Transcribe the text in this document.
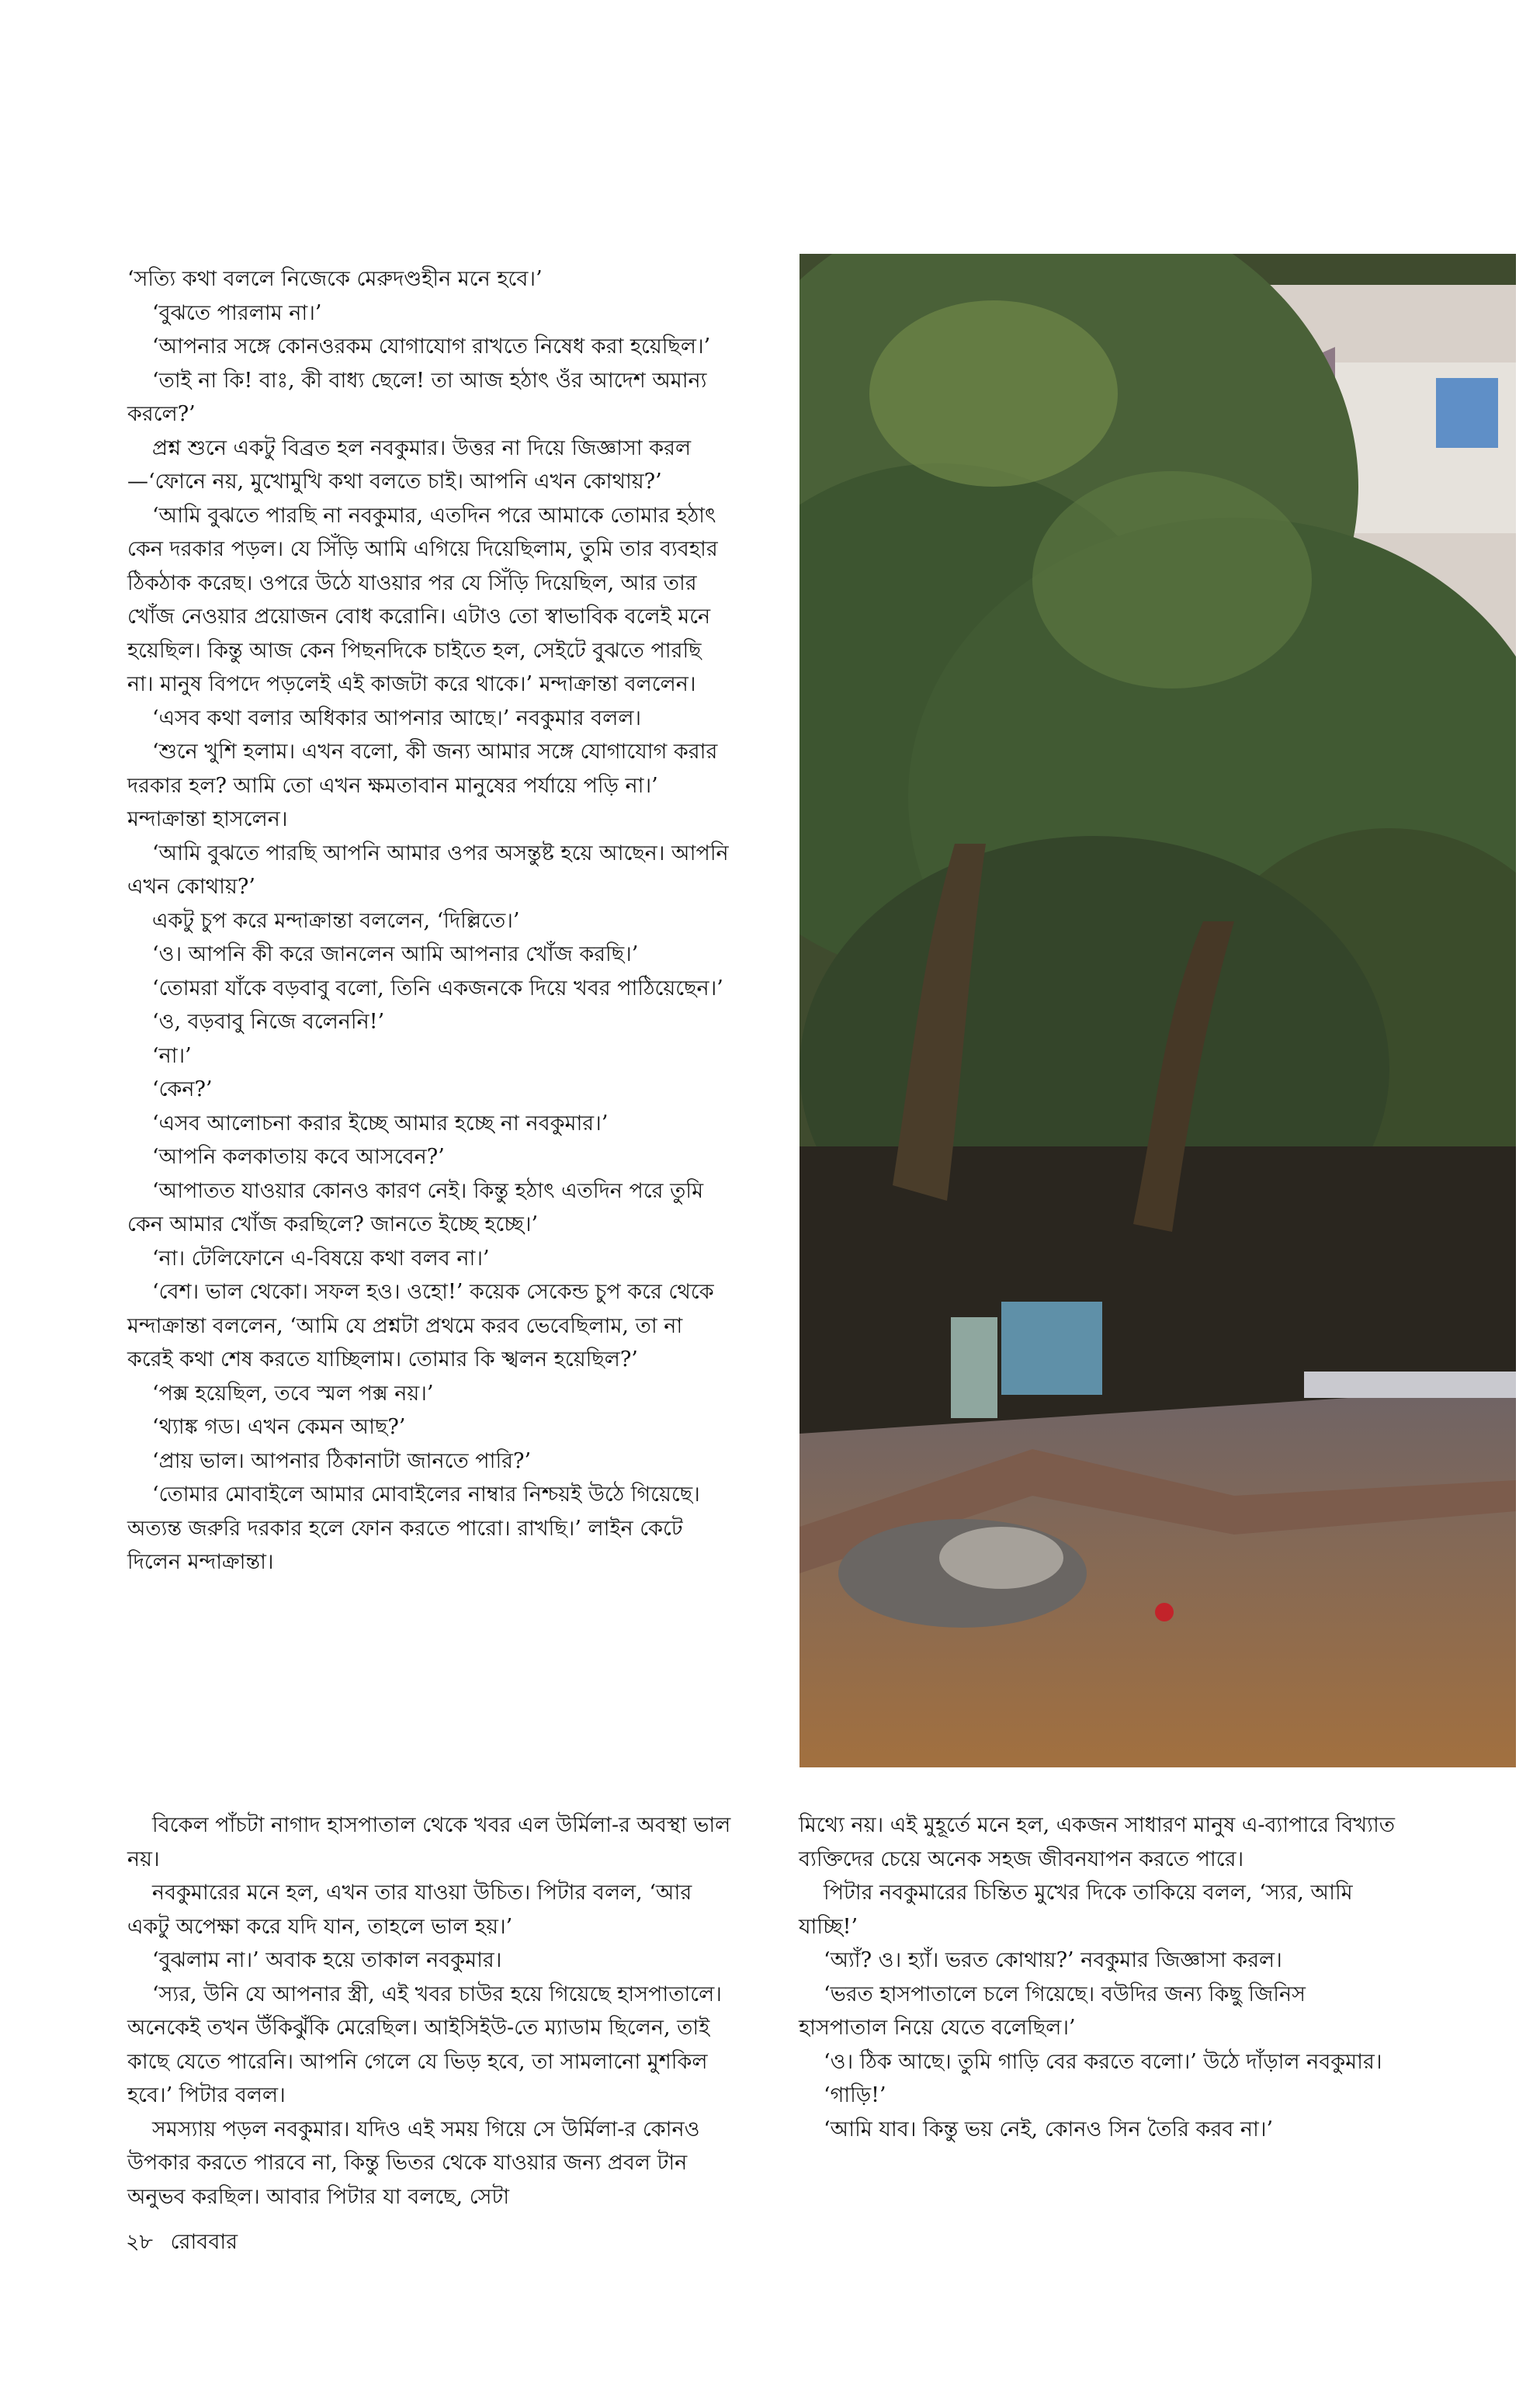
‘সত্যি কথা বললে নিজেকে মেরুদণ্ডহীন মনে হবে।’

‘বুঝতে পারলাম না।’

‘আপনার সঙ্গে কোনওরকম যোগাযোগ রাখতে নিষেধ করা হয়েছিল।’

‘তাই না কি! বাঃ, কী বাধ্য ছেলে! তা আজ হঠাৎ ওঁর আদেশ অমান্য করলে?’

প্রশ্ন শুনে একটু বিব্রত হল নবকুমার। উত্তর না দিয়ে জিজ্ঞাসা করল—‘ফোনে নয়, মুখোমুখি কথা বলতে চাই। আপনি এখন কোথায়?’

‘আমি বুঝতে পারছি না নবকুমার, এতদিন পরে আমাকে তোমার হঠাৎ কেন দরকার পড়ল। যে সিঁড়ি আমি এগিয়ে দিয়েছিলাম, তুমি তার ব্যবহার ঠিকঠাক করেছ। ওপরে উঠে যাওয়ার পর যে সিঁড়ি দিয়েছিল, আর তার খোঁজ নেওয়ার প্রয়োজন বোধ করোনি। এটাও তো স্বাভাবিক বলেই মনে হয়েছিল। কিন্তু আজ কেন পিছনদিকে চাইতে হল, সেইটে বুঝতে পারছি না। মানুষ বিপদে পড়লেই এই কাজটা করে থাকে।’ মন্দাক্রান্তা বললেন।

‘এসব কথা বলার অধিকার আপনার আছে।’ নবকুমার বলল।

‘শুনে খুশি হলাম। এখন বলো, কী জন্য আমার সঙ্গে যোগাযোগ করার দরকার হল? আমি তো এখন ক্ষমতাবান মানুষের পর্যায়ে পড়ি না।’ মন্দাক্রান্তা হাসলেন।

‘আমি বুঝতে পারছি আপনি আমার ওপর অসন্তুষ্ট হয়ে আছেন। আপনি এখন কোথায়?’

একটু চুপ করে মন্দাক্রান্তা বললেন, ‘দিল্লিতে।’

‘ও। আপনি কী করে জানলেন আমি আপনার খোঁজ করছি।’

‘তোমরা যাঁকে বড়বাবু বলো, তিনি একজনকে দিয়ে খবর পাঠিয়েছেন।’

‘ও, বড়বাবু নিজে বলেননি!’

‘না।’

‘কেন?’

‘এসব আলোচনা করার ইচ্ছে আমার হচ্ছে না নবকুমার।’

‘আপনি কলকাতায় কবে আসবেন?’

‘আপাতত যাওয়ার কোনও কারণ নেই। কিন্তু হঠাৎ এতদিন পরে তুমি কেন আমার খোঁজ করছিলে? জানতে ইচ্ছে হচ্ছে।’

‘না। টেলিফোনে এ-বিষয়ে কথা বলব না।’

‘বেশ। ভাল থেকো। সফল হও। ওহো!’ কয়েক সেকেন্ড চুপ করে থেকে মন্দাক্রান্তা বললেন, ‘আমি যে প্রশ্নটা প্রথমে করব ভেবেছিলাম, তা না করেই কথা শেষ করতে যাচ্ছিলাম। তোমার কি স্খলন হয়েছিল?’

‘পক্স হয়েছিল, তবে স্মল পক্স নয়।’

‘থ্যাঙ্ক গড। এখন কেমন আছ?’

‘প্রায় ভাল। আপনার ঠিকানাটা জানতে পারি?’

‘তোমার মোবাইলে আমার মোবাইলের নাম্বার নিশ্চয়ই উঠে গিয়েছে। অত্যন্ত জরুরি দরকার হলে ফোন করতে পারো। রাখছি।’ লাইন কেটে দিলেন মন্দাক্রান্তা।

বিকেল পাঁচটা নাগাদ হাসপাতাল থেকে খবর এল উর্মিলা-র অবস্থা ভাল নয়।

নবকুমারের মনে হল, এখন তার যাওয়া উচিত। পিটার বলল, ‘আর একটু অপেক্ষা করে যদি যান, তাহলে ভাল হয়।’

‘বুঝলাম না।’ অবাক হয়ে তাকাল নবকুমার।

‘স্যর, উনি যে আপনার স্ত্রী, এই খবর চাউর হয়ে গিয়েছে হাসপাতালে। অনেকেই তখন উঁকিঝুঁকি মেরেছিল। আইসিইউ-তে ম্যাডাম ছিলেন, তাই কাছে যেতে পারেনি। আপনি গেলে যে ভিড় হবে, তা সামলানো মুশকিল হবে।’ পিটার বলল।

সমস্যায় পড়ল নবকুমার। যদিও এই সময় গিয়ে সে উর্মিলা-র কোনও উপকার করতে পারবে না, কিন্তু ভিতর থেকে যাওয়ার জন্য প্রবল টান অনুভব করছিল। আবার পিটার যা বলছে, সেটা

মিথ্যে নয়। এই মুহূর্তে মনে হল, একজন সাধারণ মানুষ এ-ব্যাপারে বিখ্যাত ব্যক্তিদের চেয়ে অনেক সহজ জীবনযাপন করতে পারে।

পিটার নবকুমারের চিন্তিত মুখের দিকে তাকিয়ে বলল, ‘স্যর, আমি যাচ্ছি!’

‘অ্যাঁ? ও। হ্যাঁ। ভরত কোথায়?’ নবকুমার জিজ্ঞাসা করল।

‘ভরত হাসপাতালে চলে গিয়েছে। বউদির জন্য কিছু জিনিস হাসপাতাল নিয়ে যেতে বলেছিল।’

‘ও। ঠিক আছে। তুমি গাড়ি বের করতে বলো।’ উঠে দাঁড়াল নবকুমার।

‘গাড়ি!’

‘আমি যাব। কিন্তু ভয় নেই, কোনও সিন তৈরি করব না।’

২৮ রোববার
